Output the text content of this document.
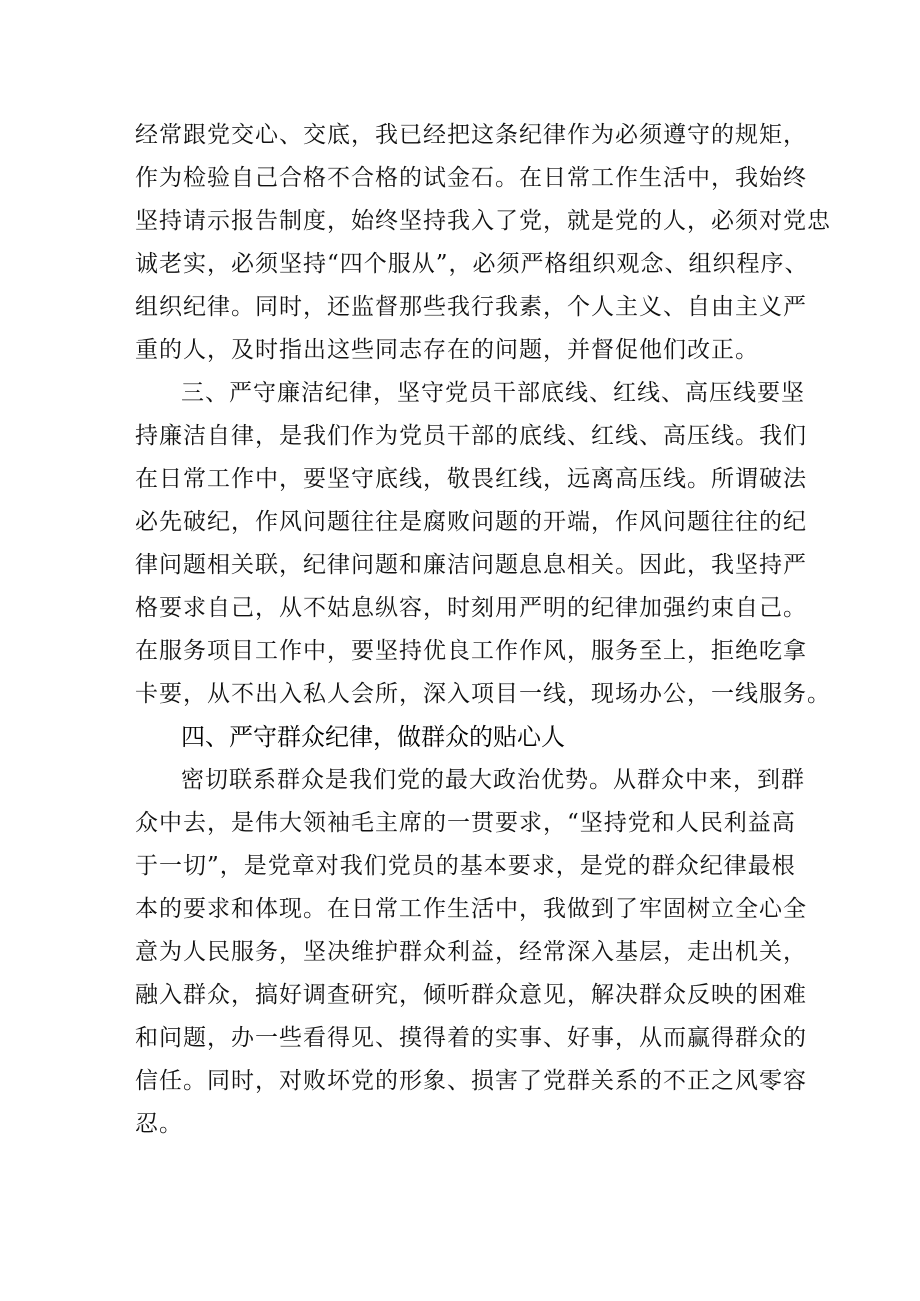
经常跟党交心、交底，我已经把这条纪律作为必须遵守的规矩，
作为检验自己合格不合格的试金石。在日常工作生活中，我始终
坚持请示报告制度，始终坚持我入了党，就是党的人，必须对党忠
诚老实，必须坚持“四个服从”，必须严格组织观念、组织程序、
组织纪律。同时，还监督那些我行我素，个人主义、自由主义严
重的人，及时指出这些同志存在的问题，并督促他们改正。
三、严守廉洁纪律，坚守党员干部底线、红线、高压线要坚
持廉洁自律，是我们作为党员干部的底线、红线、高压线。我们
在日常工作中，要坚守底线，敬畏红线，远离高压线。所谓破法
必先破纪，作风问题往往是腐败问题的开端，作风问题往往的纪
律问题相关联，纪律问题和廉洁问题息息相关。因此，我坚持严
格要求自己，从不姑息纵容，时刻用严明的纪律加强约束自己。
在服务项目工作中，要坚持优良工作作风，服务至上，拒绝吃拿
卡要，从不出入私人会所，深入项目一线，现场办公，一线服务。
四、严守群众纪律，做群众的贴心人
密切联系群众是我们党的最大政治优势。从群众中来，到群
众中去，是伟大领袖毛主席的一贯要求，“坚持党和人民利益高
于一切”，是党章对我们党员的基本要求，是党的群众纪律最根
本的要求和体现。在日常工作生活中，我做到了牢固树立全心全
意为人民服务，坚决维护群众利益，经常深入基层，走出机关，
融入群众，搞好调查研究，倾听群众意见，解决群众反映的困难
和问题，办一些看得见、摸得着的实事、好事，从而赢得群众的
信任。同时，对败坏党的形象、损害了党群关系的不正之风零容
忍。
